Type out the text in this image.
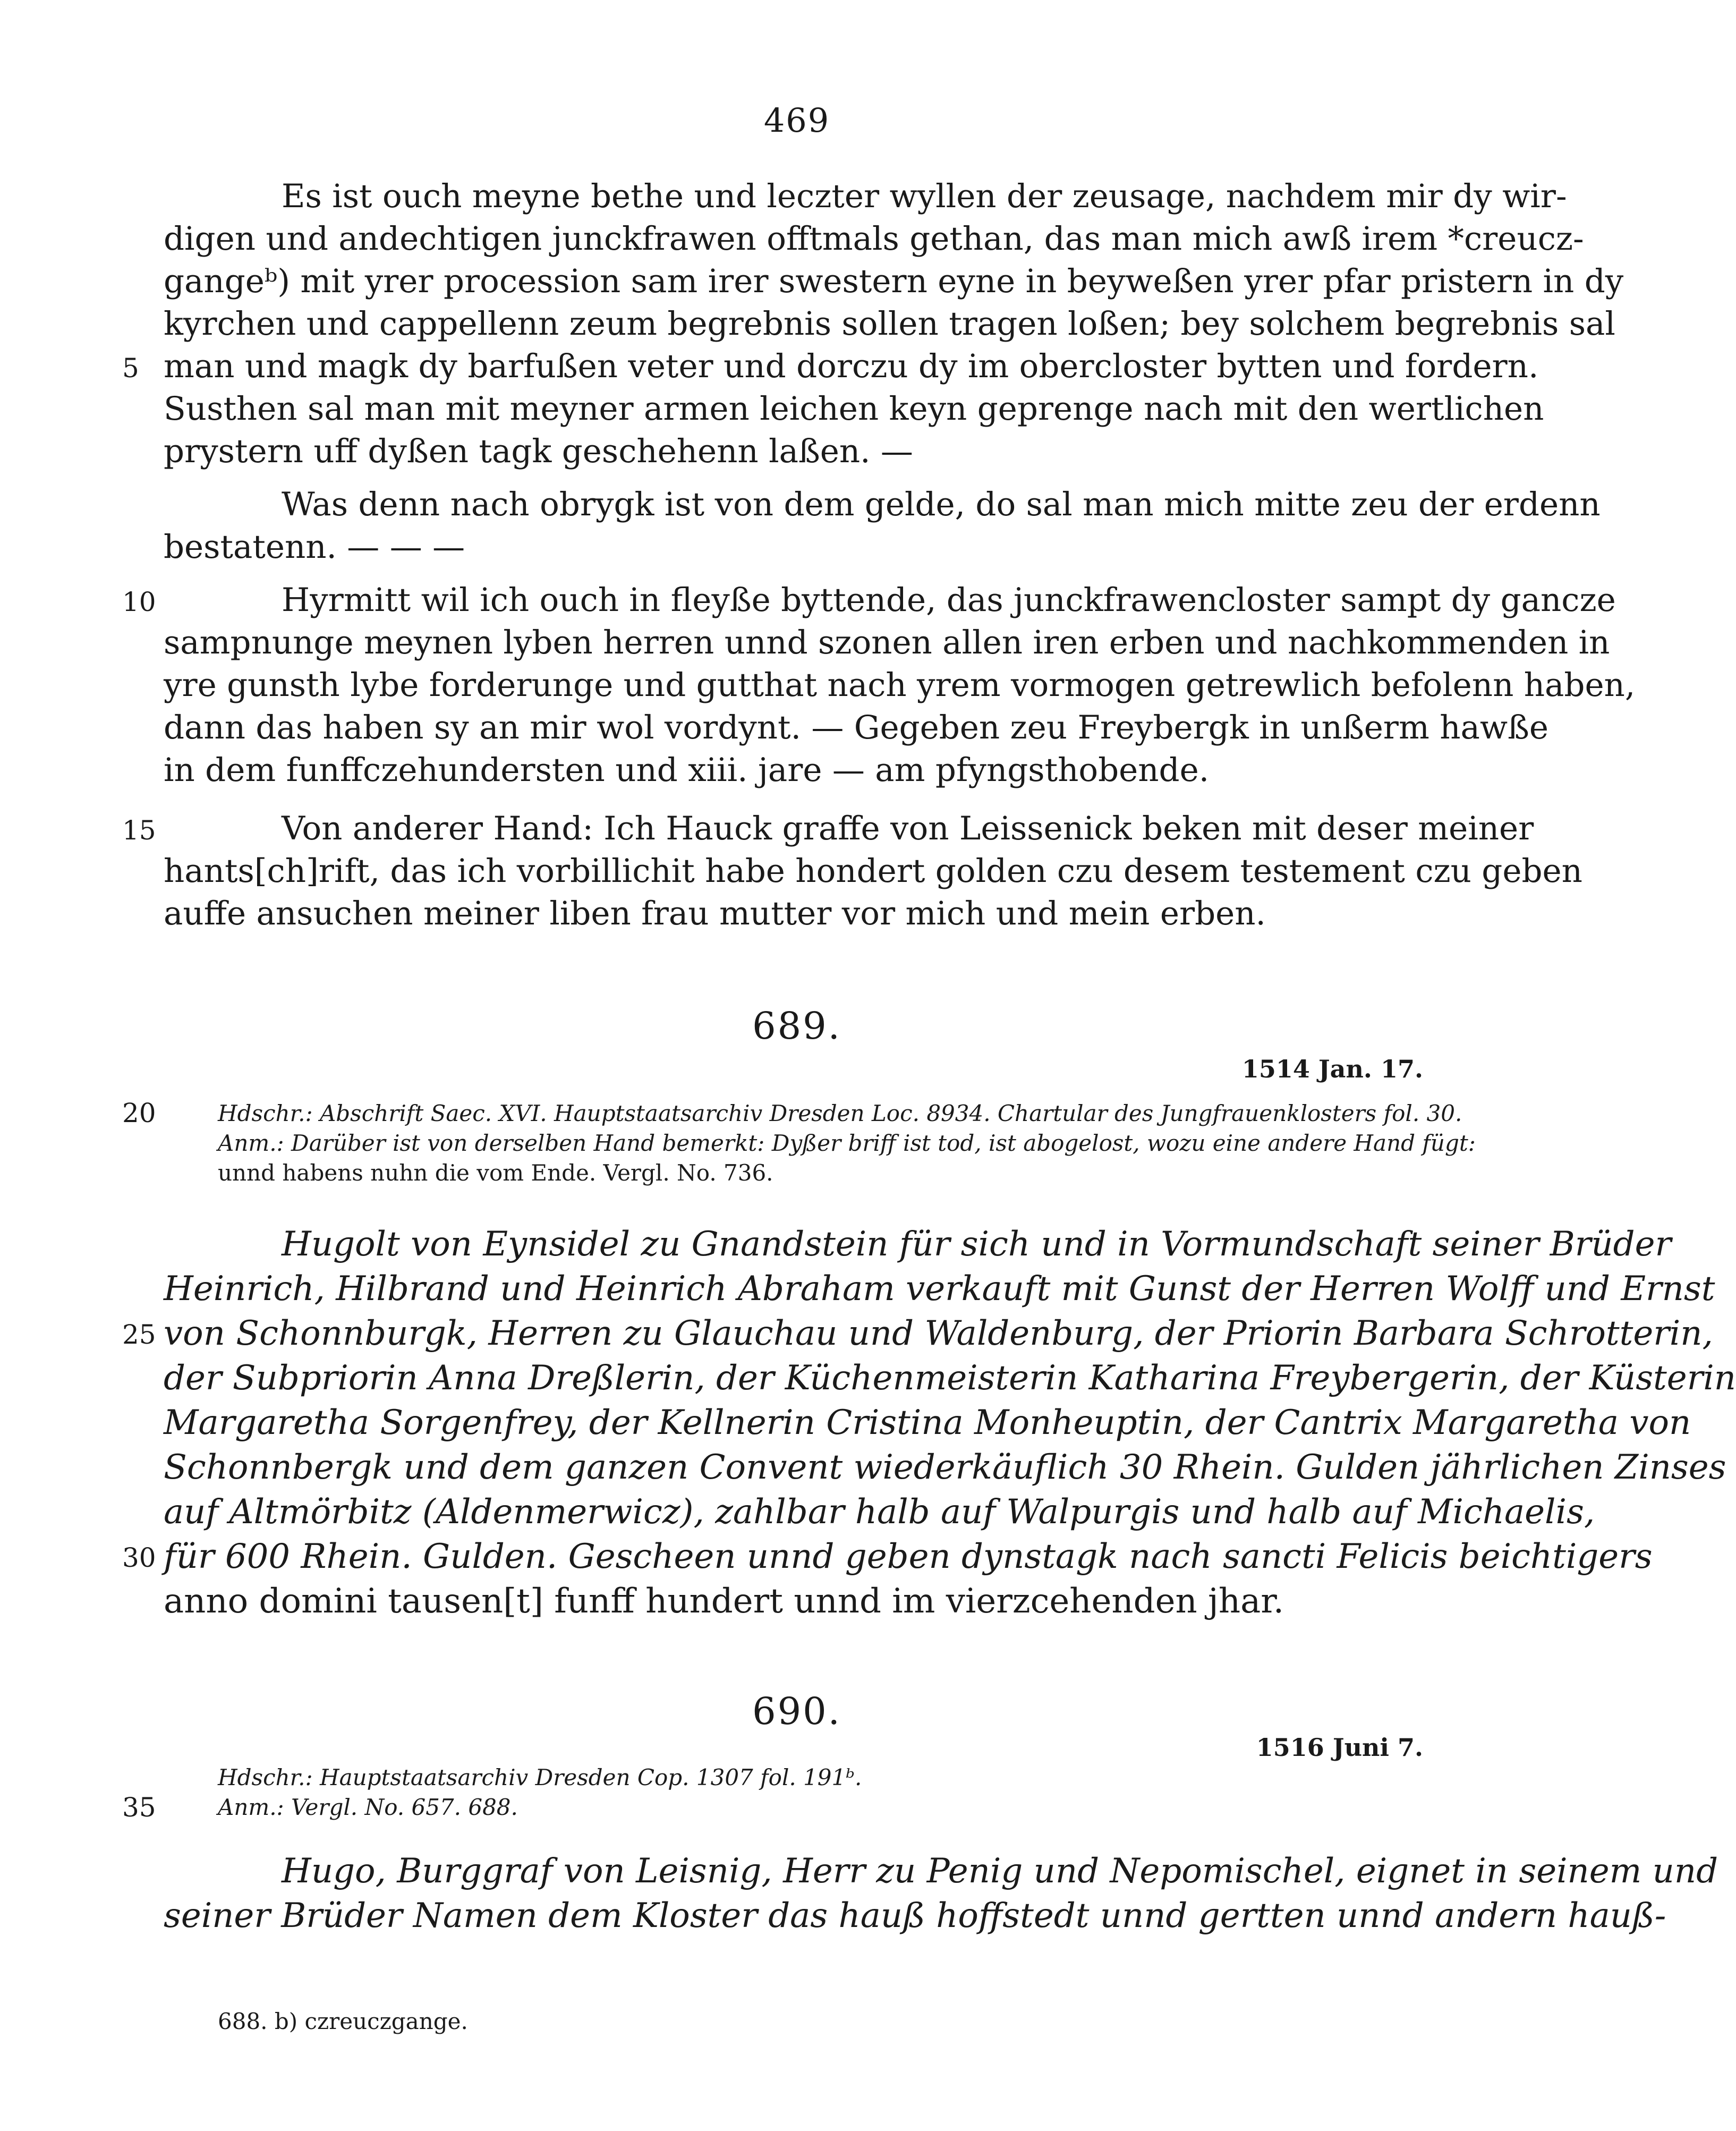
469
Es ist ouch meyne bethe und leczter wyllen der zeusage, nachdem mir dy wir-
digen und andechtigen junckfrawen offtmals gethan, das man mich awß irem *creucz-
gangeᵇ) mit yrer procession sam irer swestern eyne in beyweßen yrer pfar pristern in dy
kyrchen und cappellenn zeum begrebnis sollen tragen loßen; bey solchem begrebnis sal
5 man und magk dy barfußen veter und dorczu dy im obercloster bytten und fordern.
Susthen sal man mit meyner armen leichen keyn geprenge nach mit den wertlichen
prystern uff dyßen tagk geschehenn laßen. —
Was denn nach obrygk ist von dem gelde, do sal man mich mitte zeu der erdenn
bestatenn. — — —
10	Hyrmitt wil ich ouch in fleyße byttende, das junckfrawencloster sampt dy gancze
sampnunge meynen lyben herren unnd szonen allen iren erben und nachkommenden in
yre gunsth lybe forderunge und gutthat nach yrem vormogen getrewlich befolenn haben,
dann das haben sy an mir wol vordynt. — Gegeben zeu Freybergk in unßerm hawße
in dem funffczehundersten und xiii. jare — am pfyngsthobende.
15	Von anderer Hand: Ich Hauck graffe von Leissenick beken mit deser meiner
hants[ch]rift, das ich vorbillichit habe hondert golden czu desem testement czu geben
auffe ansuchen meiner liben frau mutter vor mich und mein erben.
689.
1514 Jan. 17.
20	Hdschr.: Abschrift Saec. XVI. Hauptstaatsarchiv Dresden Loc. 8934. Chartular des Jungfrauenklosters fol. 30.
Anm.: Darüber ist von derselben Hand bemerkt: Dyßer briff ist tod, ist abogelost, wozu eine andere Hand fügt:
unnd habens nuhn die vom Ende. Vergl. No. 736.
Hugolt von Eynsidel zu Gnandstein für sich und in Vormundschaft seiner Brüder
Heinrich, Hilbrand und Heinrich Abraham verkauft mit Gunst der Herren Wolff und Ernst
25 von Schonnburgk, Herren zu Glauchau und Waldenburg, der Priorin Barbara Schrotterin,
der Subpriorin Anna Dreßlerin, der Küchenmeisterin Katharina Freybergerin, der Küsterin
Margaretha Sorgenfrey, der Kellnerin Cristina Monheuptin, der Cantrix Margaretha von
Schonnbergk und dem ganzen Convent wiederkäuflich 30 Rhein. Gulden jährlichen Zinses
auf Altmörbitz (Aldenmerwicz), zahlbar halb auf Walpurgis und halb auf Michaelis,
30 für 600 Rhein. Gulden. Gescheen unnd geben dynstagk nach sancti Felicis beichtigers
anno domini tausen[t] funff hundert unnd im vierzcehenden jhar.
690.
1516 Juni 7.
Hdschr.: Hauptstaatsarchiv Dresden Cop. 1307 fol. 191ᵇ.
35	Anm.: Vergl. No. 657. 688.
Hugo, Burggraf von Leisnig, Herr zu Penig und Nepomischel, eignet in seinem und
seiner Brüder Namen dem Kloster das hauß hoffstedt unnd gertten unnd andern hauß-
688. b) czreuczgange.
